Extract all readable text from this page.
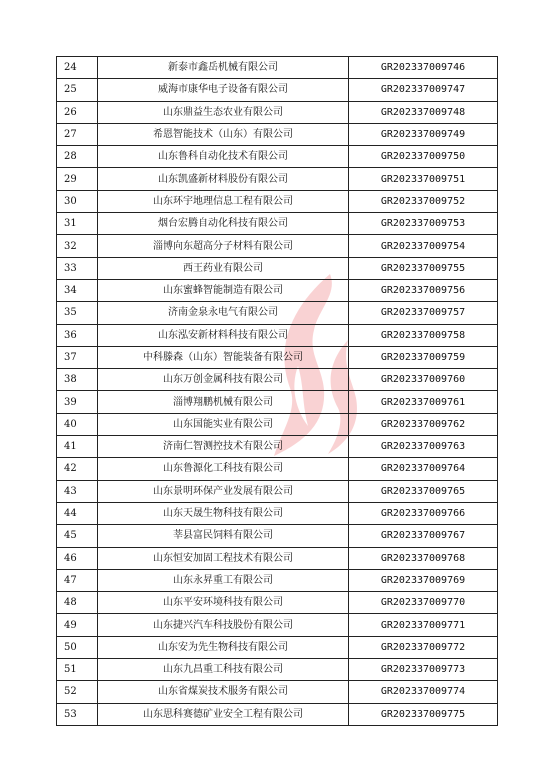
24	新泰市鑫岳机械有限公司	GR202337009746
25	威海市康华电子设备有限公司	GR202337009747
26	山东鼎益生态农业有限公司	GR202337009748
27	希恩智能技术（山东）有限公司	GR202337009749
28	山东鲁科自动化技术有限公司	GR202337009750
29	山东凯盛新材料股份有限公司	GR202337009751
30	山东环宇地理信息工程有限公司	GR202337009752
31	烟台宏腾自动化科技有限公司	GR202337009753
32	淄博向东超高分子材料有限公司	GR202337009754
33	西王药业有限公司	GR202337009755
34	山东蜜蜂智能制造有限公司	GR202337009756
35	济南金泉永电气有限公司	GR202337009757
36	山东泓安新材料科技有限公司	GR202337009758
37	中科滕森（山东）智能装备有限公司	GR202337009759
38	山东万创金属科技有限公司	GR202337009760
39	淄博翔鹏机械有限公司	GR202337009761
40	山东国能实业有限公司	GR202337009762
41	济南仁智测控技术有限公司	GR202337009763
42	山东鲁源化工科技有限公司	GR202337009764
43	山东景明环保产业发展有限公司	GR202337009765
44	山东天晟生物科技有限公司	GR202337009766
45	莘县富民饲料有限公司	GR202337009767
46	山东恒安加固工程技术有限公司	GR202337009768
47	山东永昇重工有限公司	GR202337009769
48	山东平安环境科技有限公司	GR202337009770
49	山东捷兴汽车科技股份有限公司	GR202337009771
50	山东安为先生物科技有限公司	GR202337009772
51	山东九昌重工科技有限公司	GR202337009773
52	山东省煤炭技术服务有限公司	GR202337009774
53	山东思科赛德矿业安全工程有限公司	GR202337009775
